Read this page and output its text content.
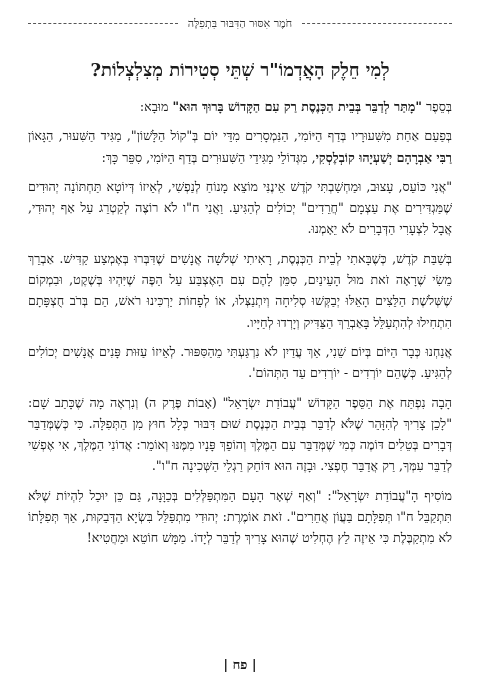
חֹמֶר אִסּוּר הַדִּבּוּר בִּתְפִלָּה
לְמִי חֵלֶק הָאֲדְמוֹ"ר שְׁתֵּי סְטִירוֹת מְצִלְצְלוֹת?

בְּסֵפֶר "מָתַּר לְדַבֵּר בְּבֵית הַכְּנֶסֶת רַק עִם הַקָּדוֹשׁ בָּרוּךְ הוּא" מוּבָא:

בְּפַעַם אַחַת מִשִּׁעוּרָיו בְּדַף הַיּוֹמִי, הַנִּמְסָרִים מִדֵּי יוֹם בְּ"קוֹל הַלָּשׁוֹן", מַגִּיד הַשִּׁעוּר, הַגָּאוֹן רַבִּי אַבְרָהָם יְשַׁעְיָהוּ קוֹבְלֶסְקִי, מִגְּדוֹלֵי מַגִּידֵי הַשִּׁעוּרִים בְּדַף הַיּוֹמִי, סִפֵּר כָּךְ:

"אֲנִי כּוֹעֵס, עָצוּב, וּמַחְשַׁבְתִּי קֹדֶשׁ אֵינֶנִּי מוֹצֵא מָנוֹחַ לְנַפְשִׁי, לְאֵיזוֹ דְּיוֹטָא תַּחְתּוֹנָה יְהוּדִים שֶׁמַּגְדִּירִים אֶת עַצְמָם "חֲרֵדִים" יְכוֹלִים לְהַגִּיעַ. וַאֲנִי ח"ו לֹא רוֹצֶה לְקַטְרֵג עַל אַף יְהוּדִי, אֲבָל לִצְעָרִי הַדְּבָרִים לֹא יֵאָמְנוּ.

בְּשַׁבַּת קֹדֶשׁ, כְּשֶׁבָּאתִי לְבֵית הַכְּנֶסֶת, רָאִיתִי שְׁלֹשָׁה אֲנָשִׁים שֶׁדִּבְּרוּ בְּאֶמְצַע קַדִּישׁ. אַבְרֵךְ מֵשִׂי שֶׁרָאָה זֹאת מוּל הָעֵינַיִם, סִמֵּן לָהֶם עִם הָאֶצְבַּע עַל הַפֶּה שֶׁיִּהְיוּ בְּשֶׁקֶט, וּבִמְקוֹם שֶׁשְּׁלֹשֶׁת הַלֵּצִים הָאֵלּוּ יְבַקְּשׁוּ סְלִיחָה וְיִתְנַצְּלוּ, אוֹ לְפָחוֹת יַרְכִּינוּ רֹאשׁ, הֵם בְּרֹב חֻצְפָּתָם הִתְחִילוּ לְהִתְעַלֵּל בָּאַבְרֵךְ הַצַּדִּיק וְיָרְדוּ לְחַיָּיו.

אֲנַחְנוּ כְּבָר הַיּוֹם בְּיוֹם שֵׁנִי, אַךְ עֲדַיִן לֹא נִרְגַּעְתִּי מֵהַסִּפּוּר. לְאֵיזוֹ עַזּוּת פָּנִים אֲנָשִׁים יְכוֹלִים לְהַגִּיעַ. כְּשֶׁהֵם יוֹרְדִים - יוֹרְדִים עַד הַתְּהוֹם'.

הָבָה נִפְתַּח אֶת הַסֵּפֶר הַקָּדוֹשׁ "עֲבוֹדַת יִשְׂרָאֵל" (אָבוֹת פֶּרֶק ה) וְנִרְאֶה מָה שֶׁכָּתַב שָׁם: "לָכֵן צָרִיךְ לְהִזָּהֵר שֶׁלֹּא לְדַבֵּר בְּבֵית הַכְּנֶסֶת שׁוּם דִּבּוּר כְּלָל חוּץ מִן הַתְּפִלָּה. כִּי כְּשֶׁמְּדַבֵּר דְּבָרִים בְּטֵלִים דּוֹמֶה כְּמִי שֶׁמְּדַבֵּר עִם הַמֶּלֶךְ וְהוֹפֵךְ פָּנָיו מִמֶּנּוּ וְאוֹמֵר: אֲדוֹנִי הַמֶּלֶךְ, אִי אֶפְשִׁי לְדַבֵּר עִמְּךָ, רַק אֲדַבֵּר חֶפְצִי. וּבָזֶה הוּא דּוֹחֵק רַגְלֵי הַשְּׁכִינָה ח"ו".

מוֹסִיף הָ"עֲבוֹדַת יִשְׂרָאֵל": "וְאַף שְׁאָר הָעָם הַמִּתְפַּלְּלִים בְּכַוָּנָה, גַּם כֵּן יוּכַל לִהְיוֹת שֶׁלֹּא תִּתְקַבֵּל ח"ו תְּפִלָּתָם בַּעֲוֹן אֲחֵרִים". זֹאת אוֹמֶרֶת: יְהוּדִי מִתְפַּלֵּל בִּשְׂיָא הַדְּבֵקוּת, אַךְ תְּפִלָּתוֹ לֹא מִתְקַבֶּלֶת כִּי אֵיזֶה לֵץ הֶחְלִיט שֶׁהוּא צָרִיךְ לְדַבֵּר לְיָדוֹ. מַמָּשׁ חוֹטֵא וּמַחֲטִיא!

| פח |
